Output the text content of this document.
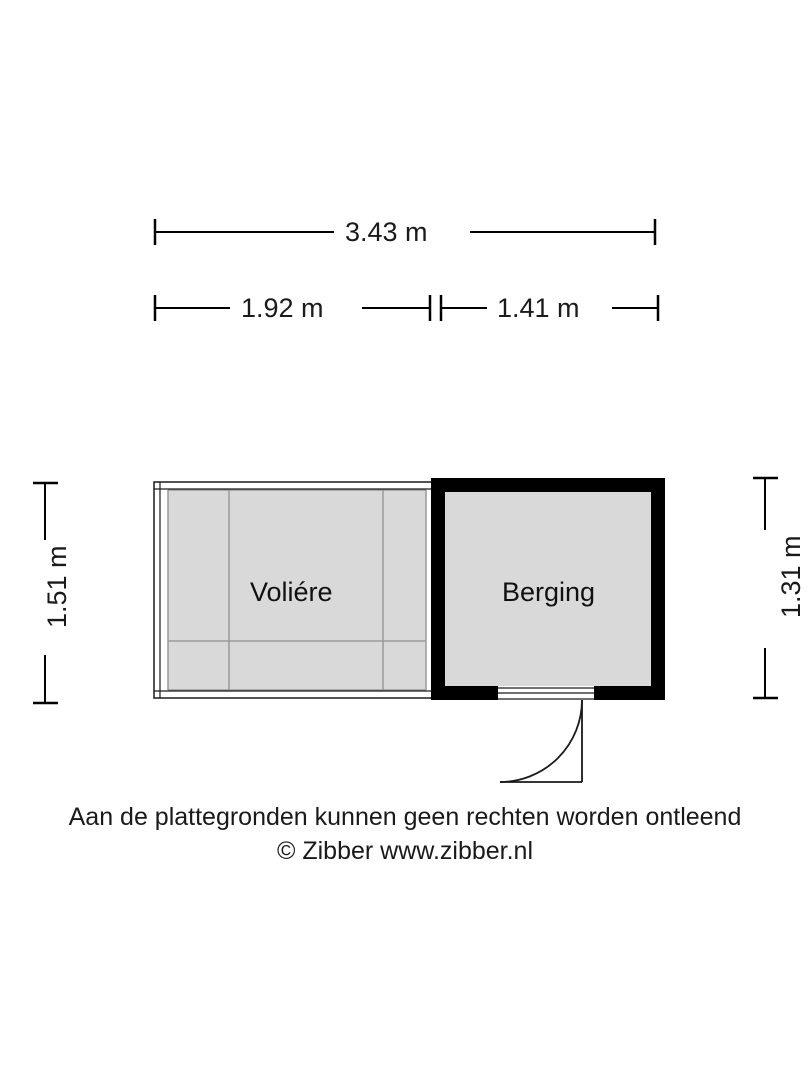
3.43 m
1.92 m	1.41 m
1.51 m	1.31 m
Voliére	Berging
Aan de plattegronden kunnen geen rechten worden ontleend
© Zibber www.zibber.nl
